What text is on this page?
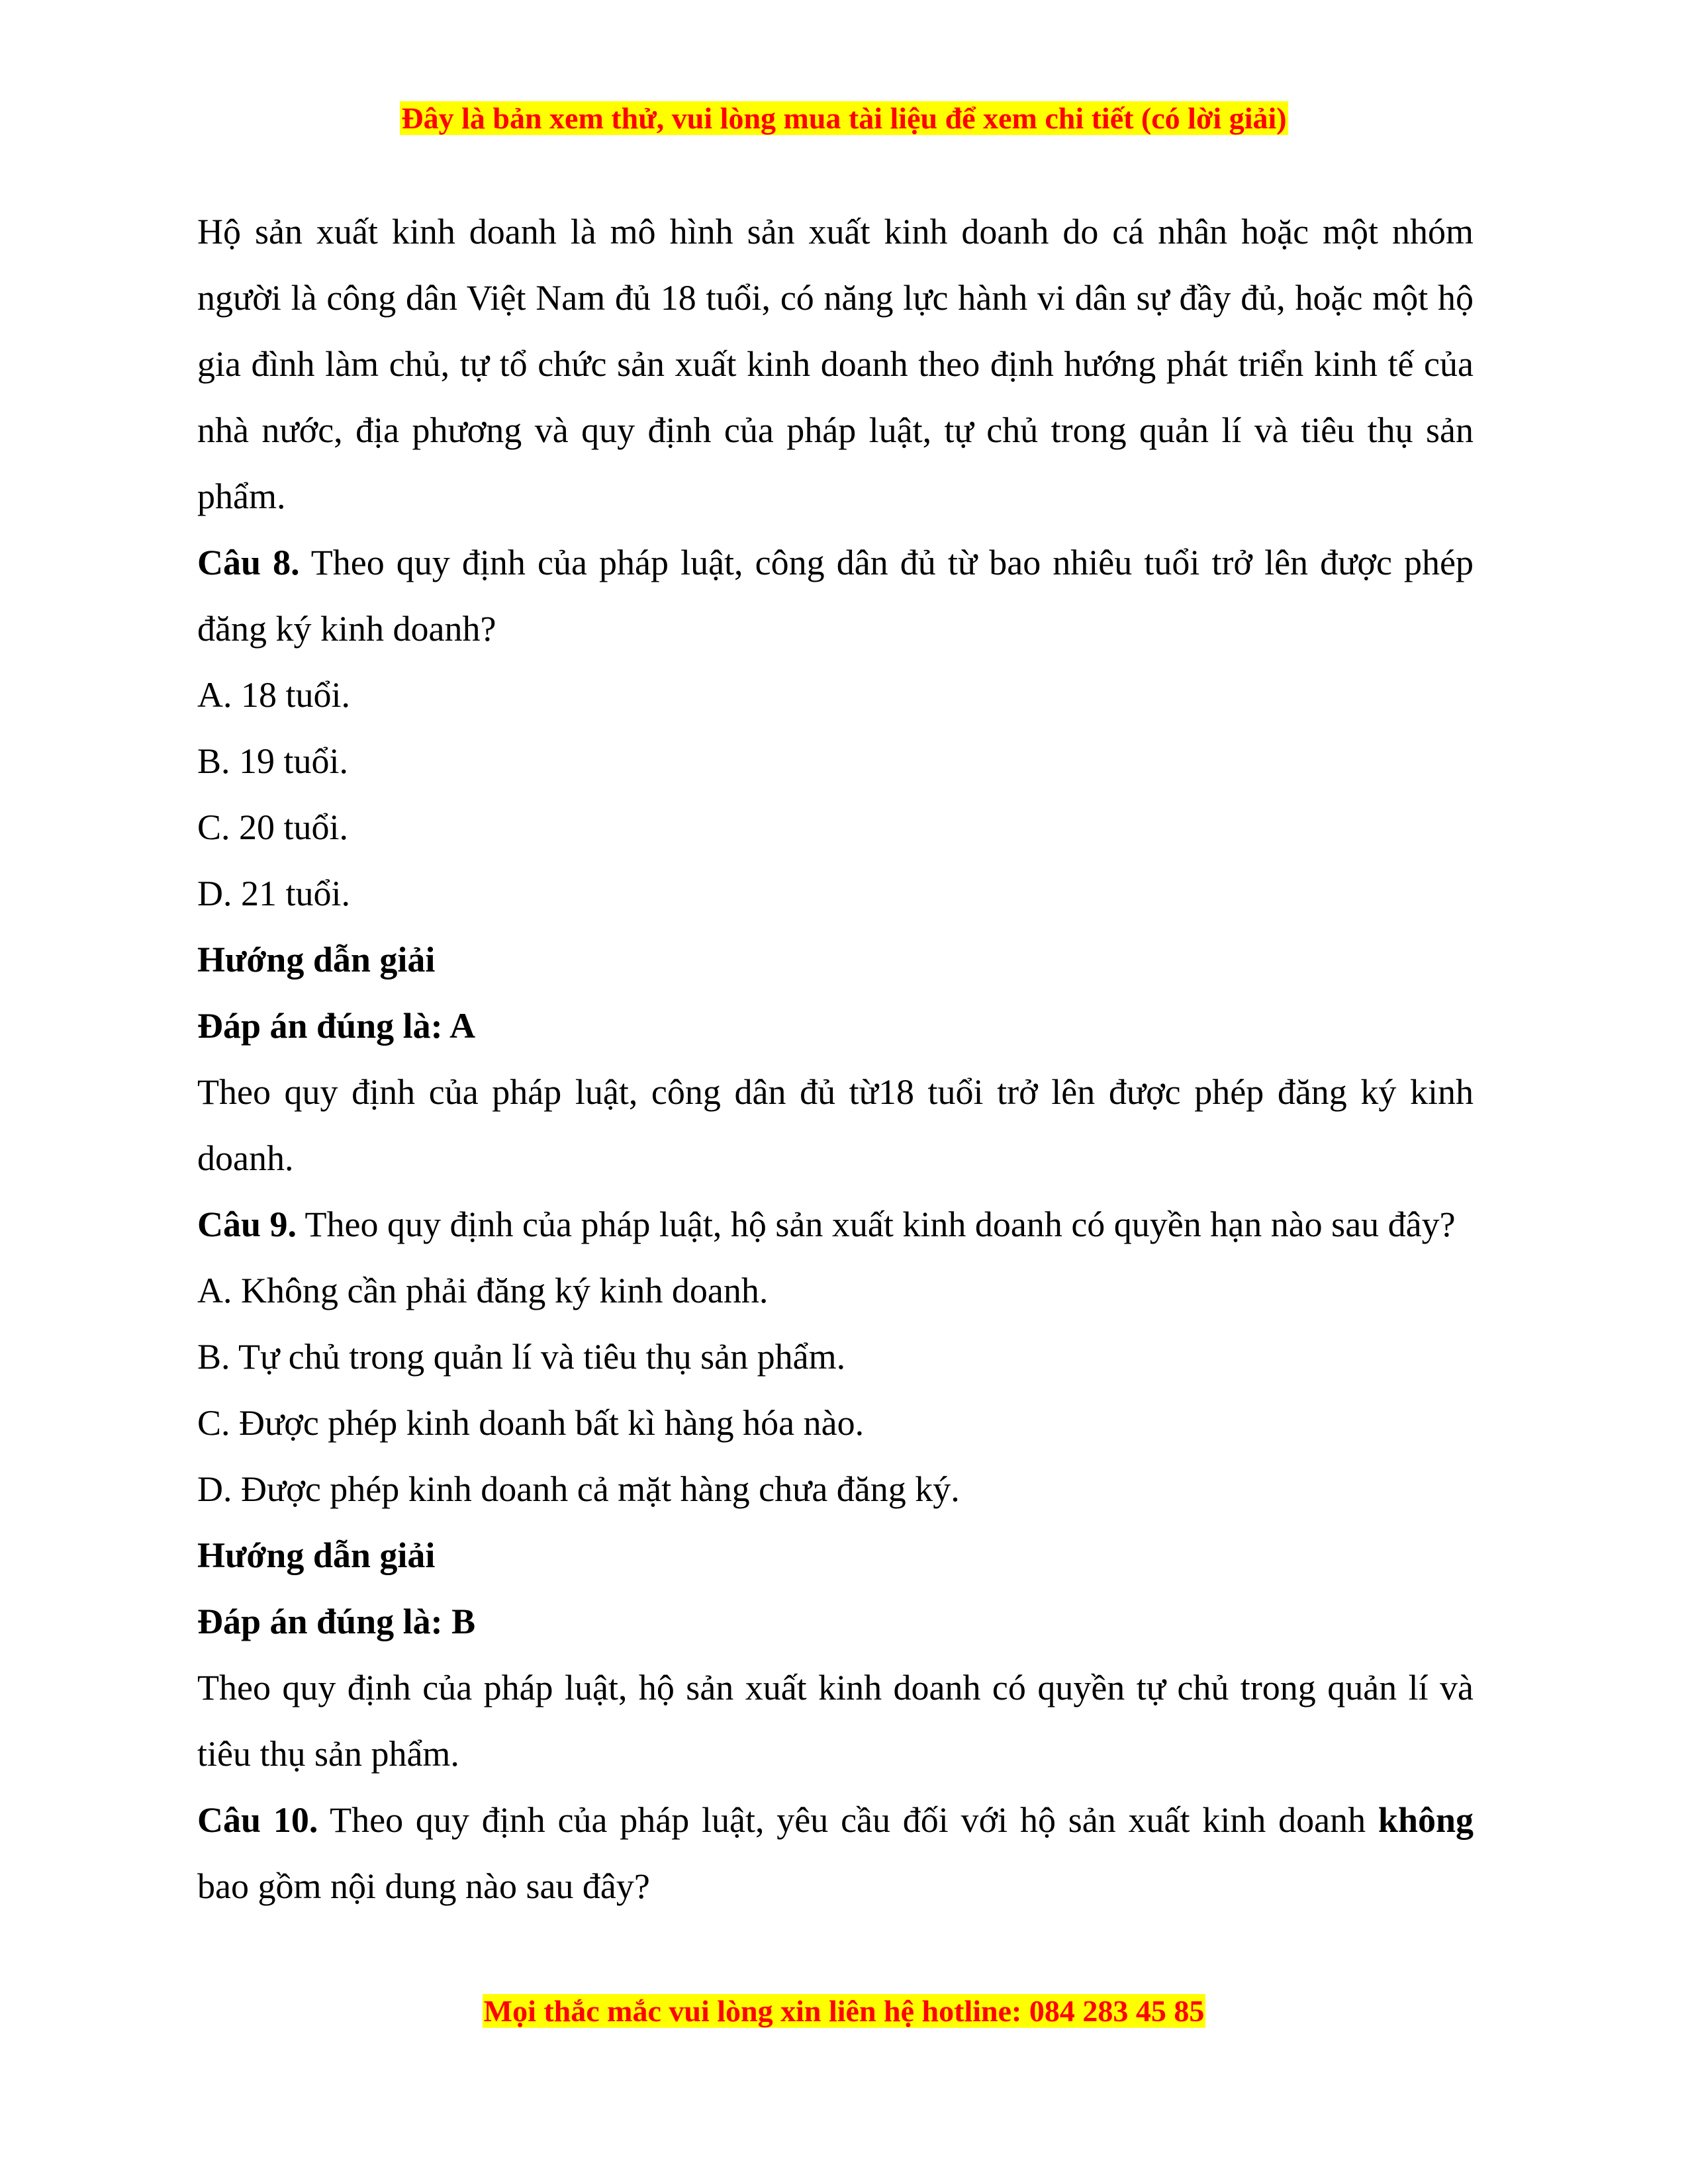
Đây là bản xem thử, vui lòng mua tài liệu để xem chi tiết (có lời giải)

Hộ sản xuất kinh doanh là mô hình sản xuất kinh doanh do cá nhân hoặc một nhóm người là công dân Việt Nam đủ 18 tuổi, có năng lực hành vi dân sự đầy đủ, hoặc một hộ gia đình làm chủ, tự tổ chức sản xuất kinh doanh theo định hướng phát triển kinh tế của nhà nước, địa phương và quy định của pháp luật, tự chủ trong quản lí và tiêu thụ sản phẩm.

Câu 8. Theo quy định của pháp luật, công dân đủ từ bao nhiêu tuổi trở lên được phép đăng ký kinh doanh?

A. 18 tuổi.

B. 19 tuổi.

C. 20 tuổi.

D. 21 tuổi.

Hướng dẫn giải

Đáp án đúng là: A

Theo quy định của pháp luật, công dân đủ từ18 tuổi trở lên được phép đăng ký kinh doanh.

Câu 9. Theo quy định của pháp luật, hộ sản xuất kinh doanh có quyền hạn nào sau đây?

A. Không cần phải đăng ký kinh doanh.

B. Tự chủ trong quản lí và tiêu thụ sản phẩm.

C. Được phép kinh doanh bất kì hàng hóa nào.

D. Được phép kinh doanh cả mặt hàng chưa đăng ký.

Hướng dẫn giải

Đáp án đúng là: B

Theo quy định của pháp luật, hộ sản xuất kinh doanh có quyền tự chủ trong quản lí và tiêu thụ sản phẩm.

Câu 10. Theo quy định của pháp luật, yêu cầu đối với hộ sản xuất kinh doanh không bao gồm nội dung nào sau đây?

Mọi thắc mắc vui lòng xin liên hệ hotline: 084 283 45 85
